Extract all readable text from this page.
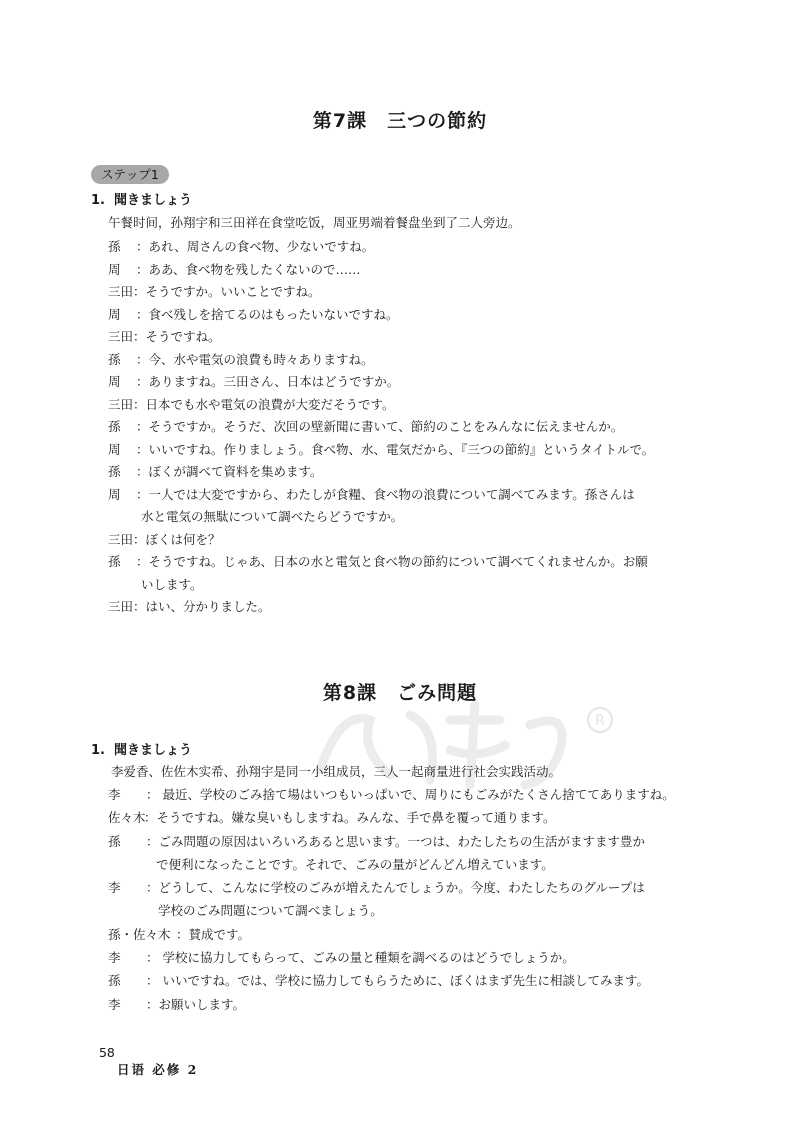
R
第7課　三つの節約
ステップ1
1.  聞きましょう
午餐时间，孙翔宇和三田祥在食堂吃饭，周亚男端着餐盘坐到了二人旁边。
孫 ：あれ、周さんの食べ物、少ないですね。
周 ：ああ、食べ物を残したくないので……
三田 ：そうですか。いいことですね。
周 ：食べ残しを捨てるのはもったいないですね。
三田 ：そうですね。
孫 ：今、水や電気の浪費も時々ありますね。
周 ：ありますね。三田さん、日本はどうですか。
三田 ：日本でも水や電気の浪費が大変だそうです。
孫 ：そうですか。そうだ、次回の壁新聞に書いて、節約のことをみんなに伝えませんか。
周 ：いいですね。作りましょう。食べ物、水、電気だから、『三つの節約』というタイトルで。
孫 ：ぼくが調べて資料を集めます。
周 ：一人では大変ですから、わたしが食糧、食べ物の浪費について調べてみます。孫さんは
水と電気の無駄について調べたらどうですか。
三田 ：ぼくは何を？
孫 ：そうですね。じゃあ、日本の水と電気と食べ物の節約について調べてくれませんか。お願
いします。
三田 ：はい、分かりました。
第8課　ごみ問題
1.  聞きましょう
李爱香、佐佐木实希、孙翔宇是同一小组成员，三人一起商量进行社会实践活动。
李 ： 最近、学校のごみ捨て場はいつもいっぱいで、周りにもごみがたくさん捨ててありますね。
佐々木
：そうですね。嫌な臭いもしますね。みんな、手で鼻を覆って通ります。
孫 ：ごみ問題の原因はいろいろあると思います。一つは、わたしたちの生活がますます豊か
で便利になったことです。それで、ごみの量がどんどん増えています。
李 ：どうして、こんなに学校のごみが増えたんでしょうか。今度、わたしたちのグループは
学校のごみ問題について調べましょう。
孫・佐々木 ：賛成です。
李 ： 学校に協力してもらって、ごみの量と種類を調べるのはどうでしょうか。
孫 ： いいですね。では、学校に協力してもらうために、ぼくはまず先生に相談してみます。
李 ：お願いします。

58
日语 必修 2
